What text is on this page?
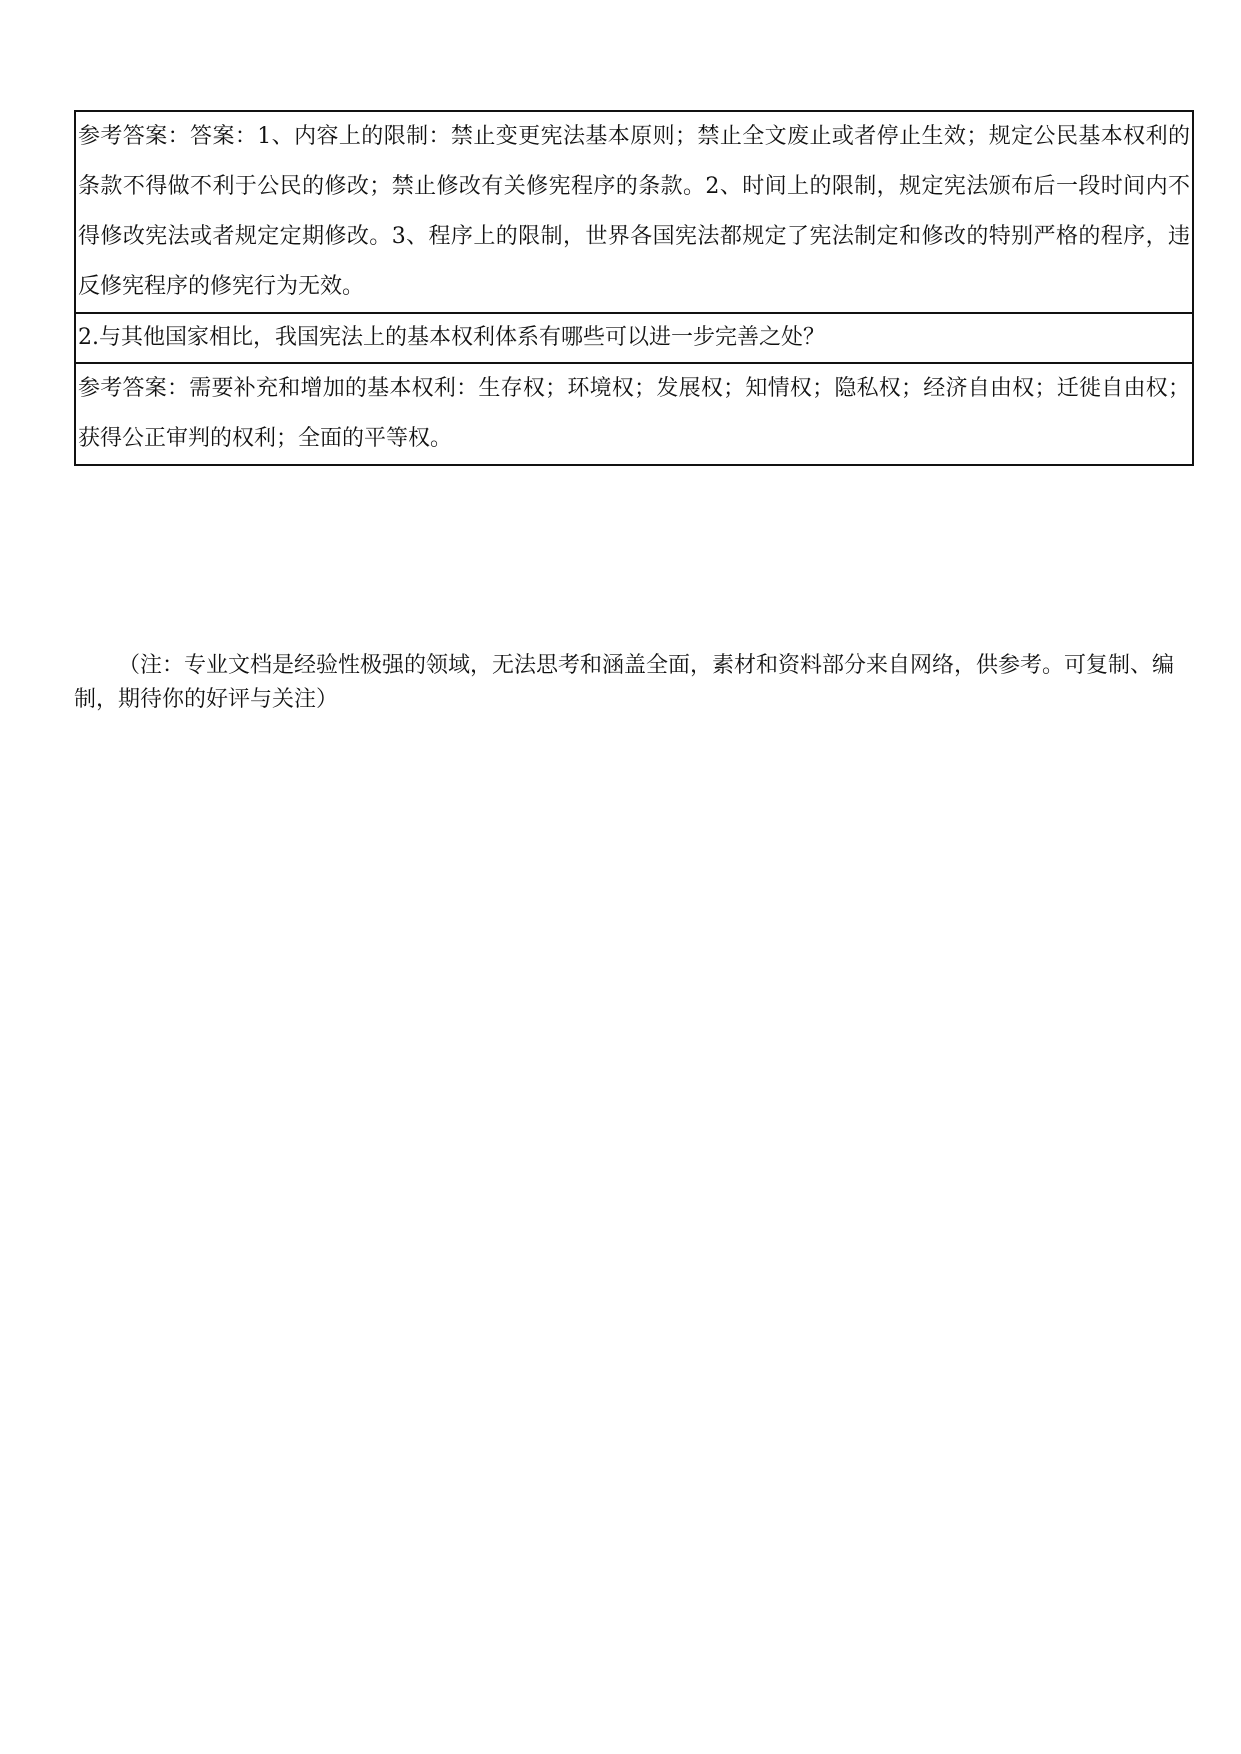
参考答案：答案：1、内容上的限制：禁止变更宪法基本原则；禁止全文废止或者停止生效；规定公民基本权利的条款不得做不利于公民的修改；禁止修改有关修宪程序的条款。2、时间上的限制，规定宪法颁布后一段时间内不得修改宪法或者规定定期修改。3、程序上的限制，世界各国宪法都规定了宪法制定和修改的特别严格的程序，违反修宪程序的修宪行为无效。
2.与其他国家相比，我国宪法上的基本权利体系有哪些可以进一步完善之处？
参考答案：需要补充和增加的基本权利：生存权；环境权；发展权；知情权；隐私权；经济自由权；迁徙自由权；获得公正审判的权利；全面的平等权。

（注：专业文档是经验性极强的领域，无法思考和涵盖全面，素材和资料部分来自网络，供参考。可复制、编制，期待你的好评与关注）
